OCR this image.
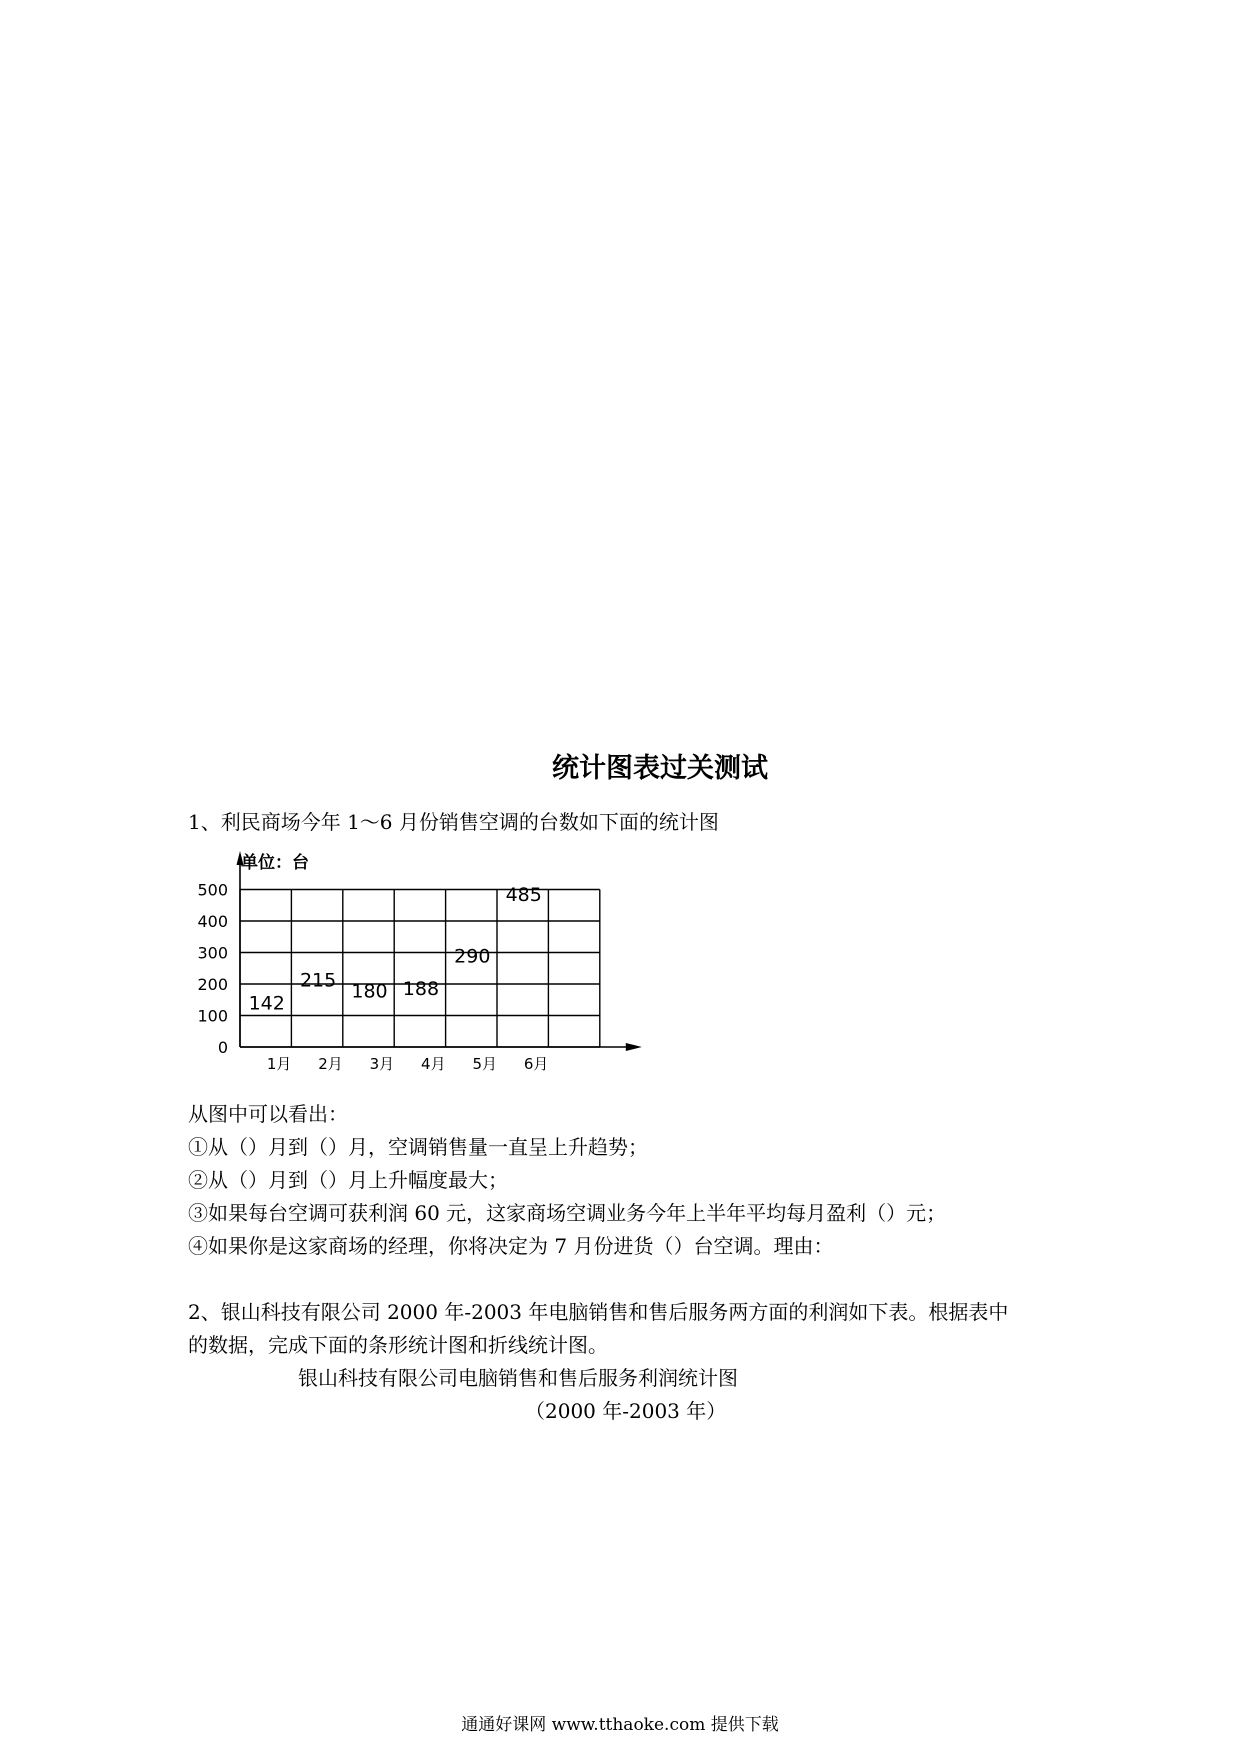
统计图表过关测试
1、利民商场今年 1～6 月份销售空调的台数如下面的统计图
0
100
200
300
400
500
1月 2月 3月 4月 5月 6月
142
215
180 188
290
485
单位：台
从图中可以看出：
①从（）月到（）月，空调销售量一直呈上升趋势；
②从（）月到（）月上升幅度最大；
③如果每台空调可获利润 60 元，这家商场空调业务今年上半年平均每月盈利（）元；
④如果你是这家商场的经理，你将决定为 7 月份进货（）台空调。理由：
2、银山科技有限公司 2000 年-2003 年电脑销售和售后服务两方面的利润如下表。根据表中
的数据，完成下面的条形统计图和折线统计图。
银山科技有限公司电脑销售和售后服务利润统计图
（2000 年-2003 年）
通通好课网 www.tthaoke.com 提供下载
